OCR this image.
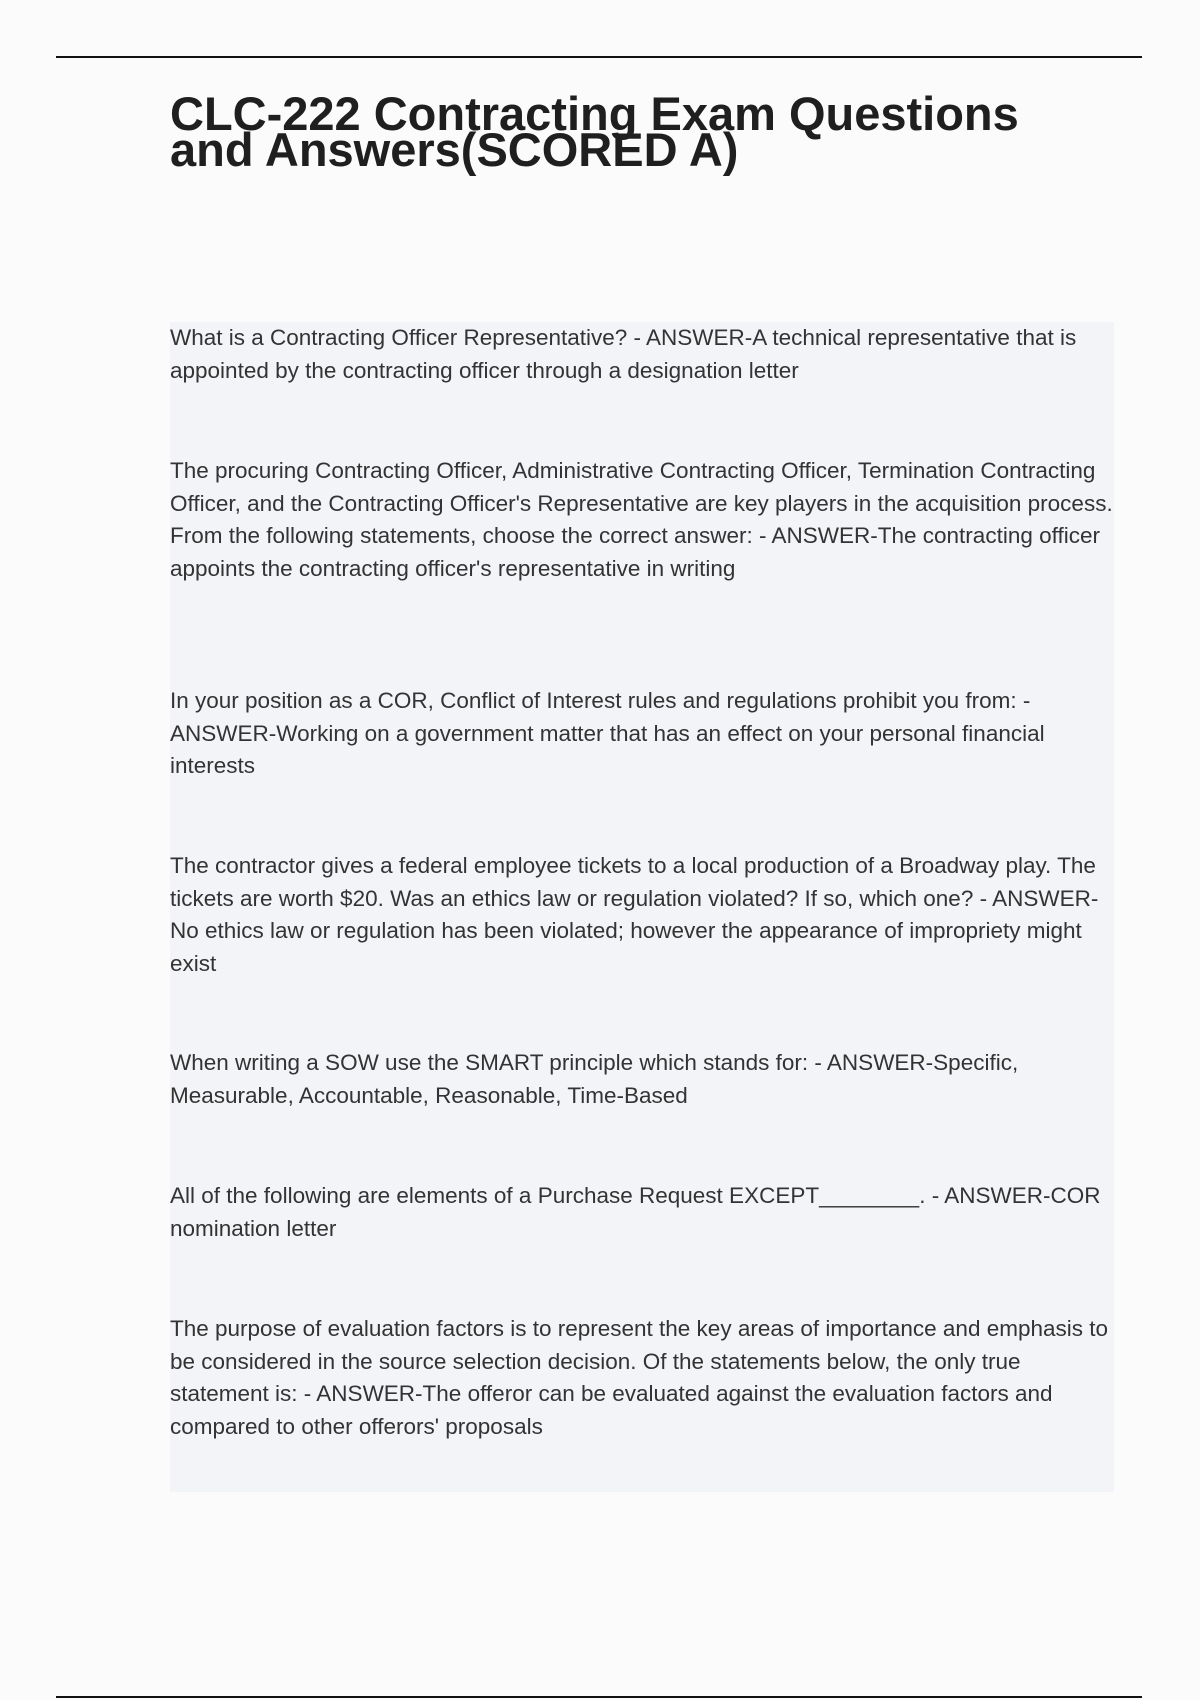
CLC-222 Contracting Exam Questions and Answers(SCORED A)

What is a Contracting Officer Representative? - ANSWER-A technical representative that is appointed by the contracting officer through a designation letter

The procuring Contracting Officer, Administrative Contracting Officer, Termination Contracting Officer, and the Contracting Officer's Representative are key players in the acquisition process. From the following statements, choose the correct answer: - ANSWER-The contracting officer appoints the contracting officer's representative in writing

In your position as a COR, Conflict of Interest rules and regulations prohibit you from: - ANSWER-Working on a government matter that has an effect on your personal financial interests

The contractor gives a federal employee tickets to a local production of a Broadway play. The tickets are worth $20. Was an ethics law or regulation violated? If so, which one? - ANSWER-No ethics law or regulation has been violated; however the appearance of impropriety might exist

When writing a SOW use the SMART principle which stands for: - ANSWER-Specific, Measurable, Accountable, Reasonable, Time-Based

All of the following are elements of a Purchase Request EXCEPT________. - ANSWER-COR nomination letter

The purpose of evaluation factors is to represent the key areas of importance and emphasis to be considered in the source selection decision. Of the statements below, the only true statement is: - ANSWER-The offeror can be evaluated against the evaluation factors and compared to other offerors' proposals
